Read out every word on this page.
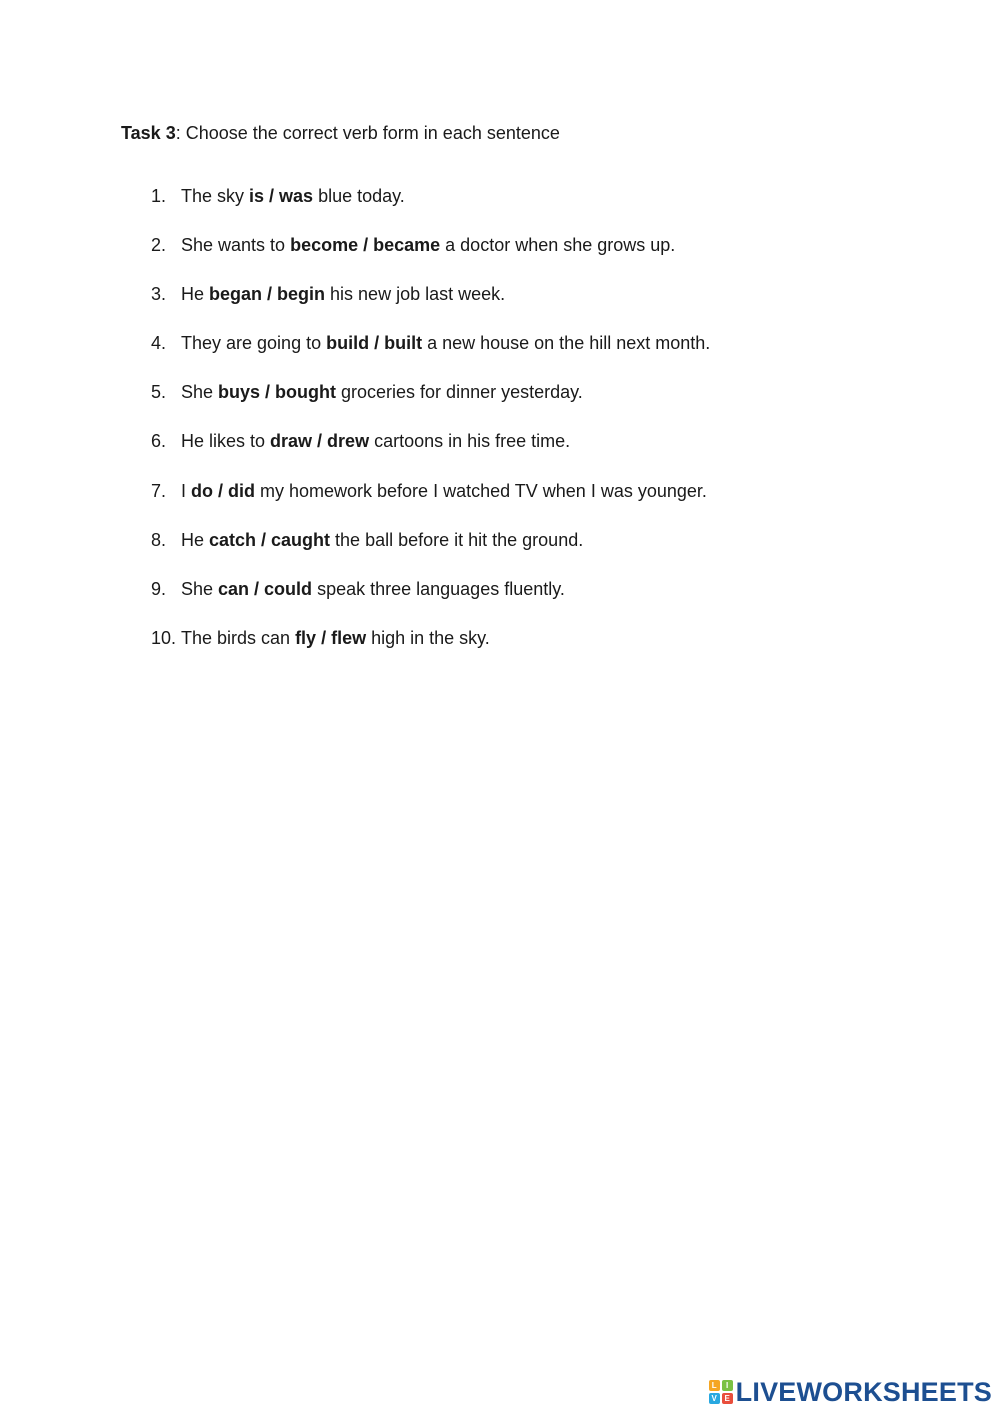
Task 3: Choose the correct verb form in each sentence
1. The sky is / was blue today.
2. She wants to become / became a doctor when she grows up.
3. He began / begin his new job last week.
4. They are going to build / built a new house on the hill next month.
5. She buys / bought groceries for dinner yesterday.
6. He likes to draw / drew cartoons in his free time.
7. I do / did my homework before I watched TV when I was younger.
8. He catch / caught the ball before it hit the ground.
9. She can / could speak three languages fluently.
10. The birds can fly / flew high in the sky.
L	I
V E LIVEWORKSHEETS
